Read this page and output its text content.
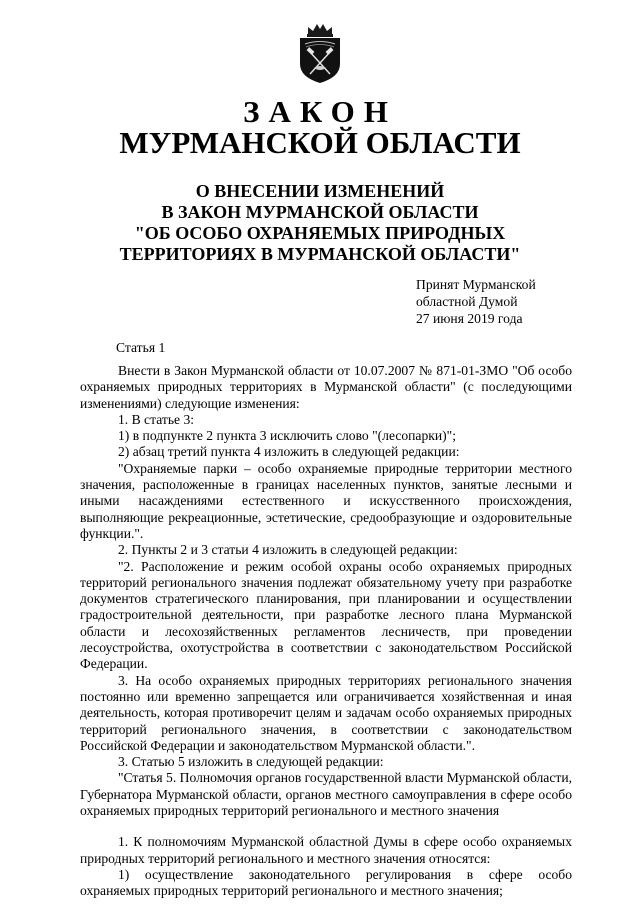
ЗАКОН
МУРМАНСКОЙ ОБЛАСТИ
О ВНЕСЕНИИ ИЗМЕНЕНИЙ
В ЗАКОН МУРМАНСКОЙ ОБЛАСТИ
"ОБ ОСОБО ОХРАНЯЕМЫХ ПРИРОДНЫХ
ТЕРРИТОРИЯХ В МУРМАНСКОЙ ОБЛАСТИ"
Принят Мурманской
областной Думой
27 июня 2019 года
Статья 1

Внести в Закон Мурманской области от 10.07.2007 № 871-01-ЗМО "Об особо охраняемых природных территориях в Мурманской области" (с последующими изменениями) следующие изменения:

1. В статье 3:

1) в подпункте 2 пункта 3 исключить слово "(лесопарки)";

2) абзац третий пункта 4 изложить в следующей редакции:

"Охраняемые парки – особо охраняемые природные территории местного значения, расположенные в границах населенных пунктов, занятые лесными и иными насаждениями естественного и искусственного происхождения, выполняющие рекреационные, эстетические, средообразующие и оздоровительные функции.".

2. Пункты 2 и 3 статьи 4 изложить в следующей редакции:

"2. Расположение и режим особой охраны особо охраняемых природных территорий регионального значения подлежат обязательному учету при разработке документов стратегического планирования, при планировании и осуществлении градостроительной деятельности, при разработке лесного плана Мурманской области и лесохозяйственных регламентов лесничеств, при проведении лесоустройства, охотустройства в соответствии с законодательством Российской Федерации.

3. На особо охраняемых природных территориях регионального значения постоянно или временно запрещается или ограничивается хозяйственная и иная деятельность, которая противоречит целям и задачам особо охраняемых природных территорий регионального значения, в соответствии с законодательством Российской Федерации и законодательством Мурманской области.".

3. Статью 5 изложить в следующей редакции:

"Статья 5. Полномочия органов государственной власти Мурманской области, Губернатора Мурманской области, органов местного самоуправления в сфере особо охраняемых природных территорий регионального и местного значения

1. К полномочиям Мурманской областной Думы в сфере особо охраняемых природных территорий регионального и местного значения относятся:

1) осуществление законодательного регулирования в сфере особо охраняемых природных территорий регионального и местного значения;
